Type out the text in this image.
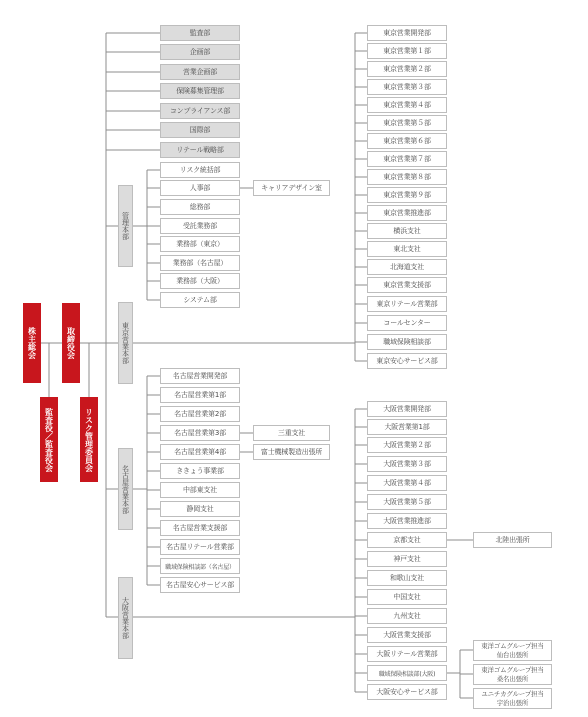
株主総会	取締役会
監査役／監査役会	リスク管理委員会
監査部
企画部
営業企画部
保険募集管理部
コンプライアンス部
国際部
リテール戦略部
管理本部
東京営業本部
名古屋営業本部
大阪営業本部
リスク統括部
人事部
総務部
受託業務部
業務部（東京）
業務部（名古屋）
業務部（大阪）
システム部
キャリアデザイン室
東京営業開発部
東京営業第１部
東京営業第２部
東京営業第３部
東京営業第４部
東京営業第５部
東京営業第６部
東京営業第７部
東京営業第８部
東京営業第９部
東京営業推進部
横浜支社
東北支社
北海道支社
東京営業支援部
東京リテール営業部
コールセンター
職域保険相談部
東京安心サービス部
名古屋営業開発部
名古屋営業第1部
名古屋営業第2部
名古屋営業第3部
名古屋営業第4部
ききょう事業部
中部東支社
静岡支社
名古屋営業支援部
名古屋リテール営業部
職域保険相談部（名古屋）
名古屋安心サービス部
三重支社
富士機械製造出張所
大阪営業開発部
大阪営業第1部
大阪営業第２部
大阪営業第３部
大阪営業第４部
大阪営業第５部
大阪営業推進部
京都支社
神戸支社
和歌山支社
中国支社
九州支社
大阪営業支援部
大阪リテール営業部
職域保険相談部(大阪)
大阪安心サービス部
北陸出張所
東洋ゴムグループ担当
仙台出張所
東洋ゴムグループ担当
桑名出張所
ユニチカグループ担当
宇治出張所
